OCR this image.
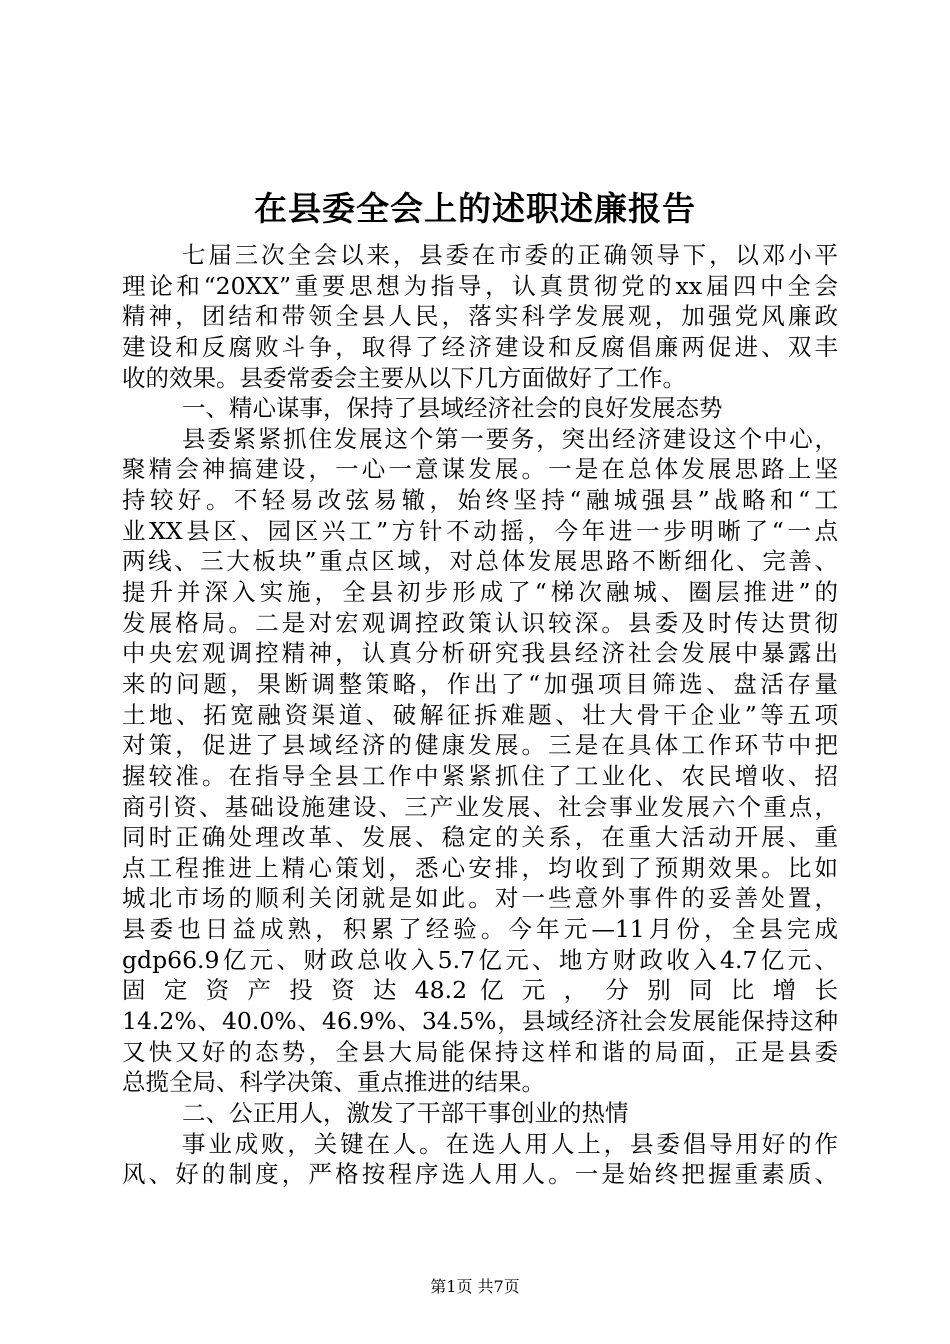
在县委全会上的述职述廉报告
七届三次全会以来，县委在市委的正确领导下，以邓小平
理论和“20XX”重要思想为指导，认真贯彻党的xx届四中全会
精神，团结和带领全县人民，落实科学发展观，加强党风廉政
建设和反腐败斗争，取得了经济建设和反腐倡廉两促进、双丰
收的效果。县委常委会主要从以下几方面做好了工作。
一、精心谋事，保持了县域经济社会的良好发展态势
县委紧紧抓住发展这个第一要务，突出经济建设这个中心，
聚精会神搞建设，一心一意谋发展。一是在总体发展思路上坚
持较好。不轻易改弦易辙，始终坚持“融城强县”战略和“工
业XX县区、园区兴工”方针不动摇，今年进一步明晰了“一点
两线、三大板块”重点区域，对总体发展思路不断细化、完善、
提升并深入实施，全县初步形成了“梯次融城、圈层推进”的
发展格局。二是对宏观调控政策认识较深。县委及时传达贯彻
中央宏观调控精神，认真分析研究我县经济社会发展中暴露出
来的问题，果断调整策略，作出了“加强项目筛选、盘活存量
土地、拓宽融资渠道、破解征拆难题、壮大骨干企业”等五项
对策，促进了县域经济的健康发展。三是在具体工作环节中把
握较准。在指导全县工作中紧紧抓住了工业化、农民增收、招
商引资、基础设施建设、三产业发展、社会事业发展六个重点，
同时正确处理改革、发展、稳定的关系，在重大活动开展、重
点工程推进上精心策划，悉心安排，均收到了预期效果。比如
城北市场的顺利关闭就是如此。对一些意外事件的妥善处置，
县委也日益成熟，积累了经验。今年元—11月份，全县完成
gdp66.9亿元、财政总收入5.7亿元、地方财政收入4.7亿元、
固 定 资 产 投 资 达 48.2 亿 元 ， 分 别 同 比 增 长
14.2%、40.0%、46.9%、34.5%，县域经济社会发展能保持这种
又快又好的态势，全县大局能保持这样和谐的局面，正是县委
总揽全局、科学决策、重点推进的结果。
二、公正用人，激发了干部干事创业的热情
事业成败，关键在人。在选人用人上，县委倡导用好的作
风、好的制度，严格按程序选人用人。一是始终把握重素质、
第1页 共7页
